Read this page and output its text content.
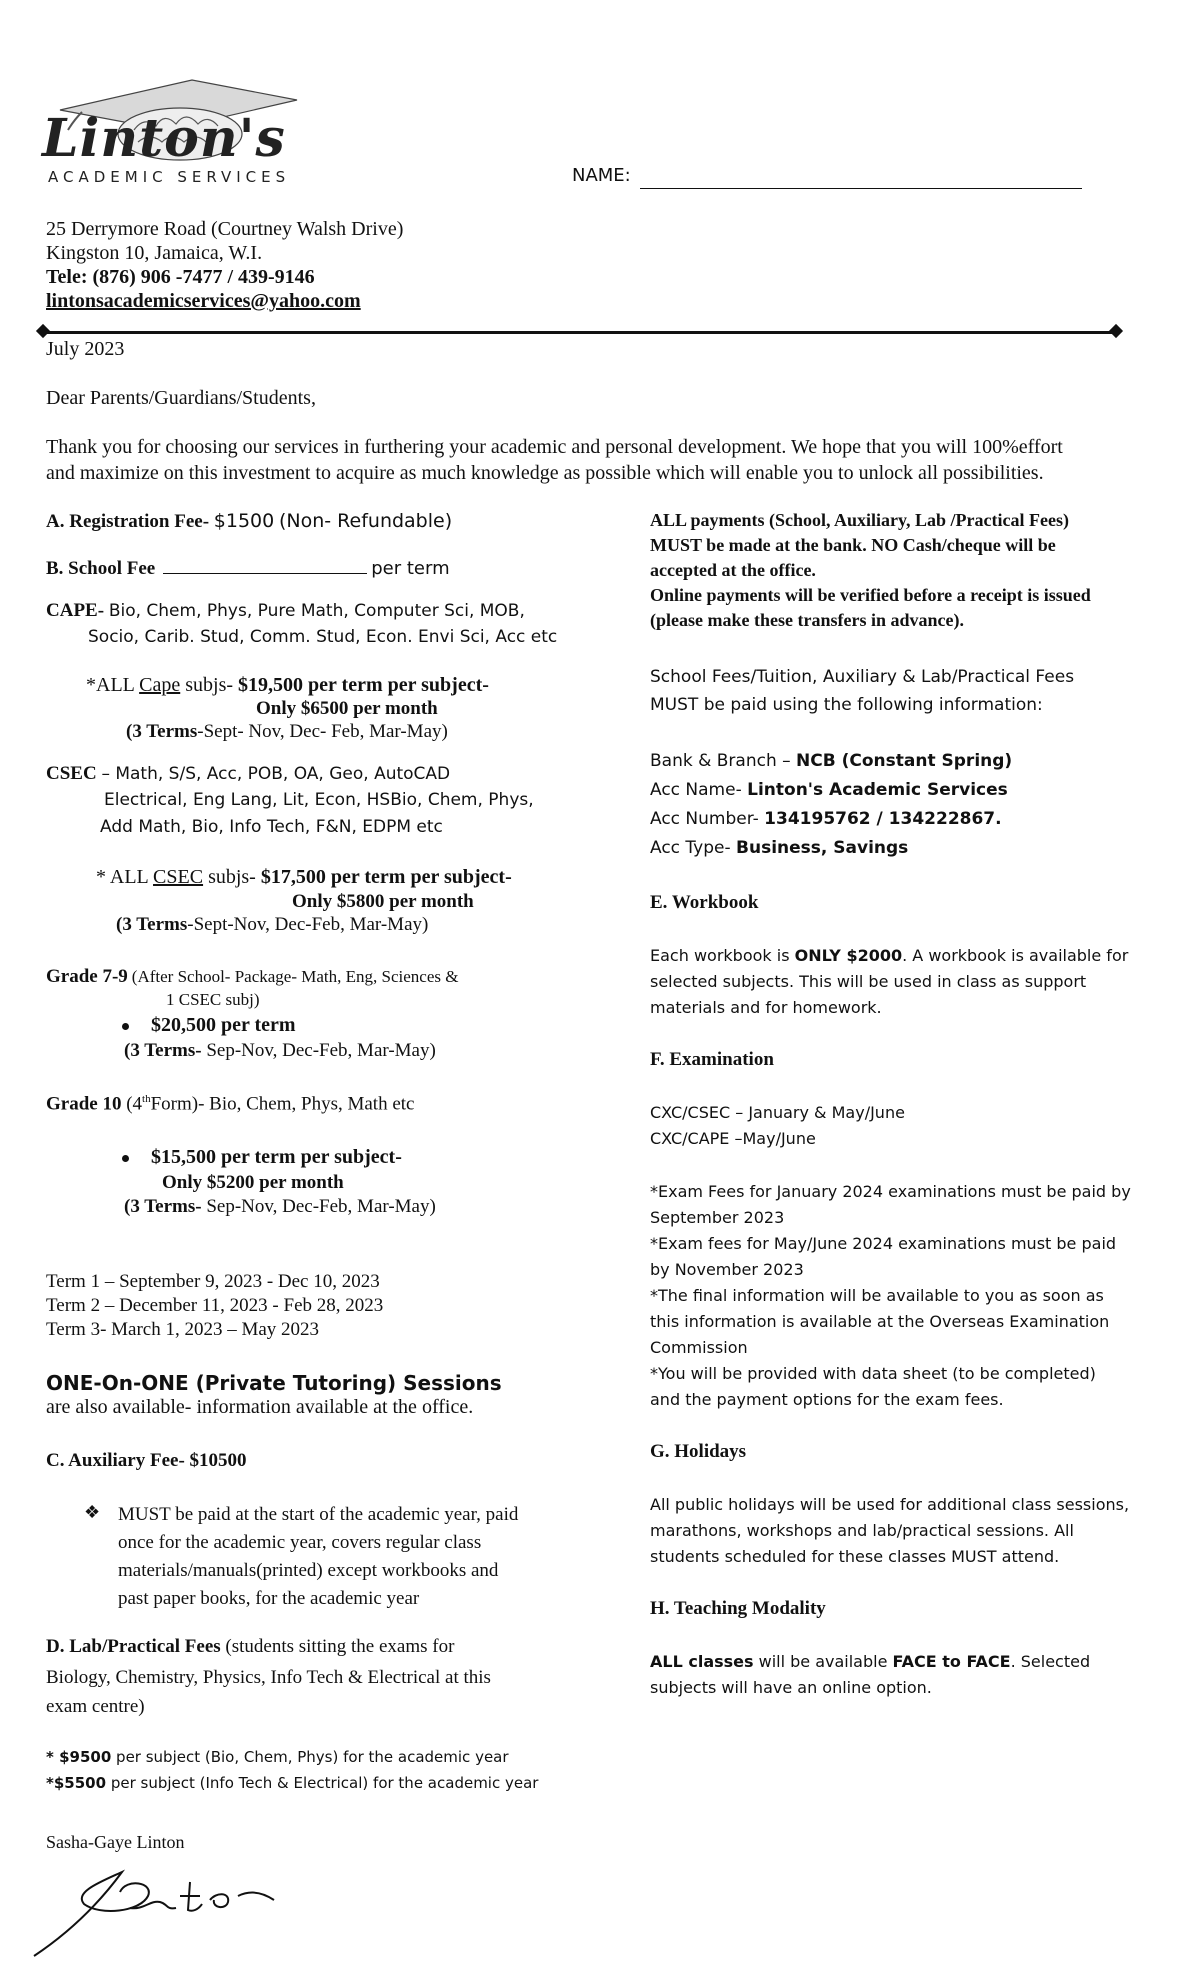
Linton's
ACADEMIC SERVICES	NAME:
25 Derrymore Road (Courtney Walsh Drive)
Kingston 10, Jamaica, W.I.
Tele: (876) 906 -7477 / 439-9146
lintonsacademicservices@yahoo.com
July 2023
Dear Parents/Guardians/Students,
Thank you for choosing our services in furthering your academic and personal development. We hope that you will 100%effort
and maximize on this investment to acquire as much knowledge as possible which will enable you to unlock all possibilities.
A. Registration Fee- $1500 (Non- Refundable)
B. School Fee	per term
CAPE- Bio, Chem, Phys, Pure Math, Computer Sci, MOB,
Socio, Carib. Stud, Comm. Stud, Econ. Envi Sci, Acc etc
*ALL Cape subjs- $19,500 per term per subject-
Only $6500 per month
(3 Terms-Sept- Nov, Dec- Feb, Mar-May)
CSEC – Math, S/S, Acc, POB, OA, Geo, AutoCAD
Electrical, Eng Lang, Lit, Econ, HSBio, Chem, Phys,
Add Math, Bio, Info Tech, F&N, EDPM etc
* ALL CSEC subjs- $17,500 per term per subject-
Only $5800 per month
(3 Terms-Sept-Nov, Dec-Feb, Mar-May)
Grade 7-9 (After School- Package- Math, Eng, Sciences &
1 CSEC subj)
$20,500 per term
(3 Terms- Sep-Nov, Dec-Feb, Mar-May)
Grade 10 (4thForm)- Bio, Chem, Phys, Math etc
$15,500 per term per subject-
Only $5200 per month
(3 Terms- Sep-Nov, Dec-Feb, Mar-May)
Term 1 – September 9, 2023 - Dec 10, 2023
Term 2 – December 11, 2023 - Feb 28, 2023
Term 3- March 1, 2023 – May 2023
ONE-On-ONE (Private Tutoring) Sessions
are also available- information available at the office.
C. Auxiliary Fee- $10500
❖ MUST be paid at the start of the academic year, paid
once for the academic year, covers regular class
materials/manuals(printed) except workbooks and
past paper books, for the academic year
D. Lab/Practical Fees (students sitting the exams for
Biology, Chemistry, Physics, Info Tech & Electrical at this
exam centre)
* $9500 per subject (Bio, Chem, Phys) for the academic year
*$5500 per subject (Info Tech & Electrical) for the academic year
Sasha-Gaye Linton
ALL payments (School, Auxiliary, Lab /Practical Fees)
MUST be made at the bank. NO Cash/cheque will be
accepted at the office.
Online payments will be verified before a receipt is issued
(please make these transfers in advance).
School Fees/Tuition, Auxiliary & Lab/Practical Fees
MUST be paid using the following information:
Bank & Branch – NCB (Constant Spring)
Acc Name- Linton's Academic Services
Acc Number- 134195762 / 134222867.
Acc Type- Business, Savings
E. Workbook
Each workbook is ONLY $2000. A workbook is available for
selected subjects. This will be used in class as support
materials and for homework.
F. Examination
CXC/CSEC – January & May/June
CXC/CAPE –May/June
*Exam Fees for January 2024 examinations must be paid by
September 2023
*Exam fees for May/June 2024 examinations must be paid
by November 2023
*The final information will be available to you as soon as
this information is available at the Overseas Examination
Commission
*You will be provided with data sheet (to be completed)
and the payment options for the exam fees.
G. Holidays
All public holidays will be used for additional class sessions,
marathons, workshops and lab/practical sessions. All
students scheduled for these classes MUST attend.
H. Teaching Modality
ALL classes will be available FACE to FACE. Selected
subjects will have an online option.
